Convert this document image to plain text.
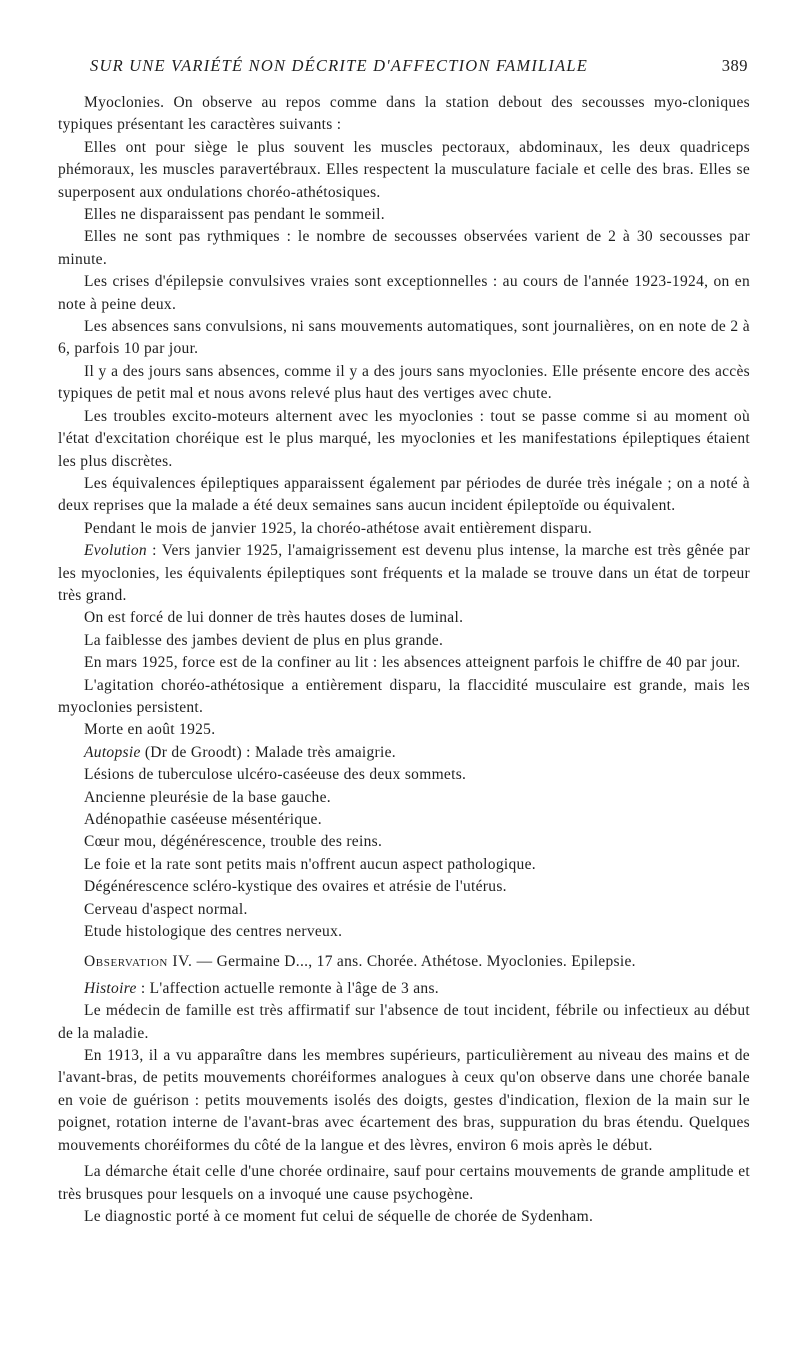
SUR UNE VARIÉTÉ NON DÉCRITE D'AFFECTION FAMILIALE	389

Myoclonies. On observe au repos comme dans la station debout des secousses myo-cloniques typiques présentant les caractères suivants :

Elles ont pour siège le plus souvent les muscles pectoraux, abdominaux, les deux quadriceps phémoraux, les muscles paravertébraux. Elles respectent la musculature faciale et celle des bras. Elles se superposent aux ondulations choréo-athétosiques.

Elles ne disparaissent pas pendant le sommeil.

Elles ne sont pas rythmiques : le nombre de secousses observées varient de 2 à 30 secousses par minute.

Les crises d'épilepsie convulsives vraies sont exceptionnelles : au cours de l'année 1923-1924, on en note à peine deux.

Les absences sans convulsions, ni sans mouvements automatiques, sont journalières, on en note de 2 à 6, parfois 10 par jour.

Il y a des jours sans absences, comme il y a des jours sans myoclonies. Elle présente encore des accès typiques de petit mal et nous avons relevé plus haut des vertiges avec chute.

Les troubles excito-moteurs alternent avec les myoclonies : tout se passe comme si au moment où l'état d'excitation choréique est le plus marqué, les myoclonies et les manifestations épileptiques étaient les plus discrètes.

Les équivalences épileptiques apparaissent également par périodes de durée très inégale ; on a noté à deux reprises que la malade a été deux semaines sans aucun incident épileptoïde ou équivalent.

Pendant le mois de janvier 1925, la choréo-athétose avait entièrement disparu.

Evolution : Vers janvier 1925, l'amaigrissement est devenu plus intense, la marche est très gênée par les myoclonies, les équivalents épileptiques sont fréquents et la malade se trouve dans un état de torpeur très grand.

On est forcé de lui donner de très hautes doses de luminal.

La faiblesse des jambes devient de plus en plus grande.

En mars 1925, force est de la confiner au lit : les absences atteignent parfois le chiffre de 40 par jour.

L'agitation choréo-athétosique a entièrement disparu, la flaccidité musculaire est grande, mais les myoclonies persistent.

Morte en août 1925.

Autopsie (Dr de Groodt) : Malade très amaigrie.

Lésions de tuberculose ulcéro-caséeuse des deux sommets.

Ancienne pleurésie de la base gauche.

Adénopathie caséeuse mésentérique.

Cœur mou, dégénérescence, trouble des reins.

Le foie et la rate sont petits mais n'offrent aucun aspect pathologique.

Dégénérescence scléro-kystique des ovaires et atrésie de l'utérus.

Cerveau d'aspect normal.

Etude histologique des centres nerveux.

Observation IV. — Germaine D..., 17 ans. Chorée. Athétose. Myoclonies. Epilepsie.

Histoire : L'affection actuelle remonte à l'âge de 3 ans.

Le médecin de famille est très affirmatif sur l'absence de tout incident, fébrile ou infectieux au début de la maladie.

En 1913, il a vu apparaître dans les membres supérieurs, particulièrement au niveau des mains et de l'avant-bras, de petits mouvements choréiformes analogues à ceux qu'on observe dans une chorée banale en voie de guérison : petits mouvements isolés des doigts, gestes d'indication, flexion de la main sur le poignet, rotation interne de l'avant-bras avec écartement des bras, suppuration du bras étendu. Quelques mouvements choréiformes du côté de la langue et des lèvres, environ 6 mois après le début.

La démarche était celle d'une chorée ordinaire, sauf pour certains mouvements de grande amplitude et très brusques pour lesquels on a invoqué une cause psychogène.

Le diagnostic porté à ce moment fut celui de séquelle de chorée de Sydenham.
